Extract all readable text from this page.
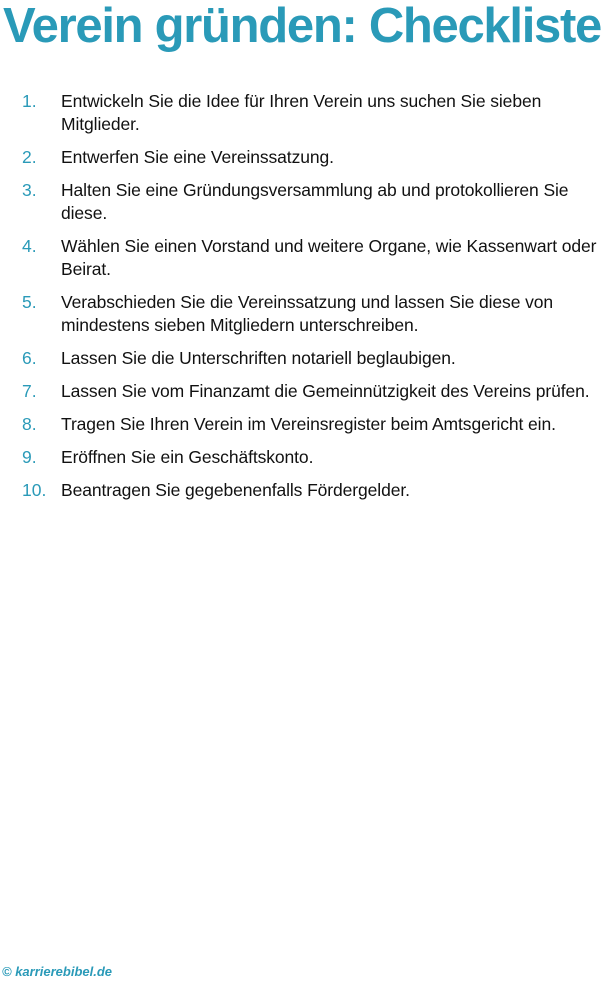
Verein gründen: Checkliste
1. Entwickeln Sie die Idee für Ihren Verein uns suchen Sie sieben Mitglieder.
2. Entwerfen Sie eine Vereinssatzung.
3. Halten Sie eine Gründungsversammlung ab und protokollieren Sie diese.
4. Wählen Sie einen Vorstand und weitere Organe, wie Kassenwart oder Beirat.
5. Verabschieden Sie die Vereinssatzung und lassen Sie diese von mindestens sieben Mitgliedern unterschreiben.
6. Lassen Sie die Unterschriften notariell beglaubigen.
7. Lassen Sie vom Finanzamt die Gemeinnützigkeit des Vereins prüfen.
8. Tragen Sie Ihren Verein im Vereinsregister beim Amtsgericht ein.
9. Eröffnen Sie ein Geschäftskonto.
10. Beantragen Sie gegebenenfalls Fördergelder.
© karrierebibel.de
